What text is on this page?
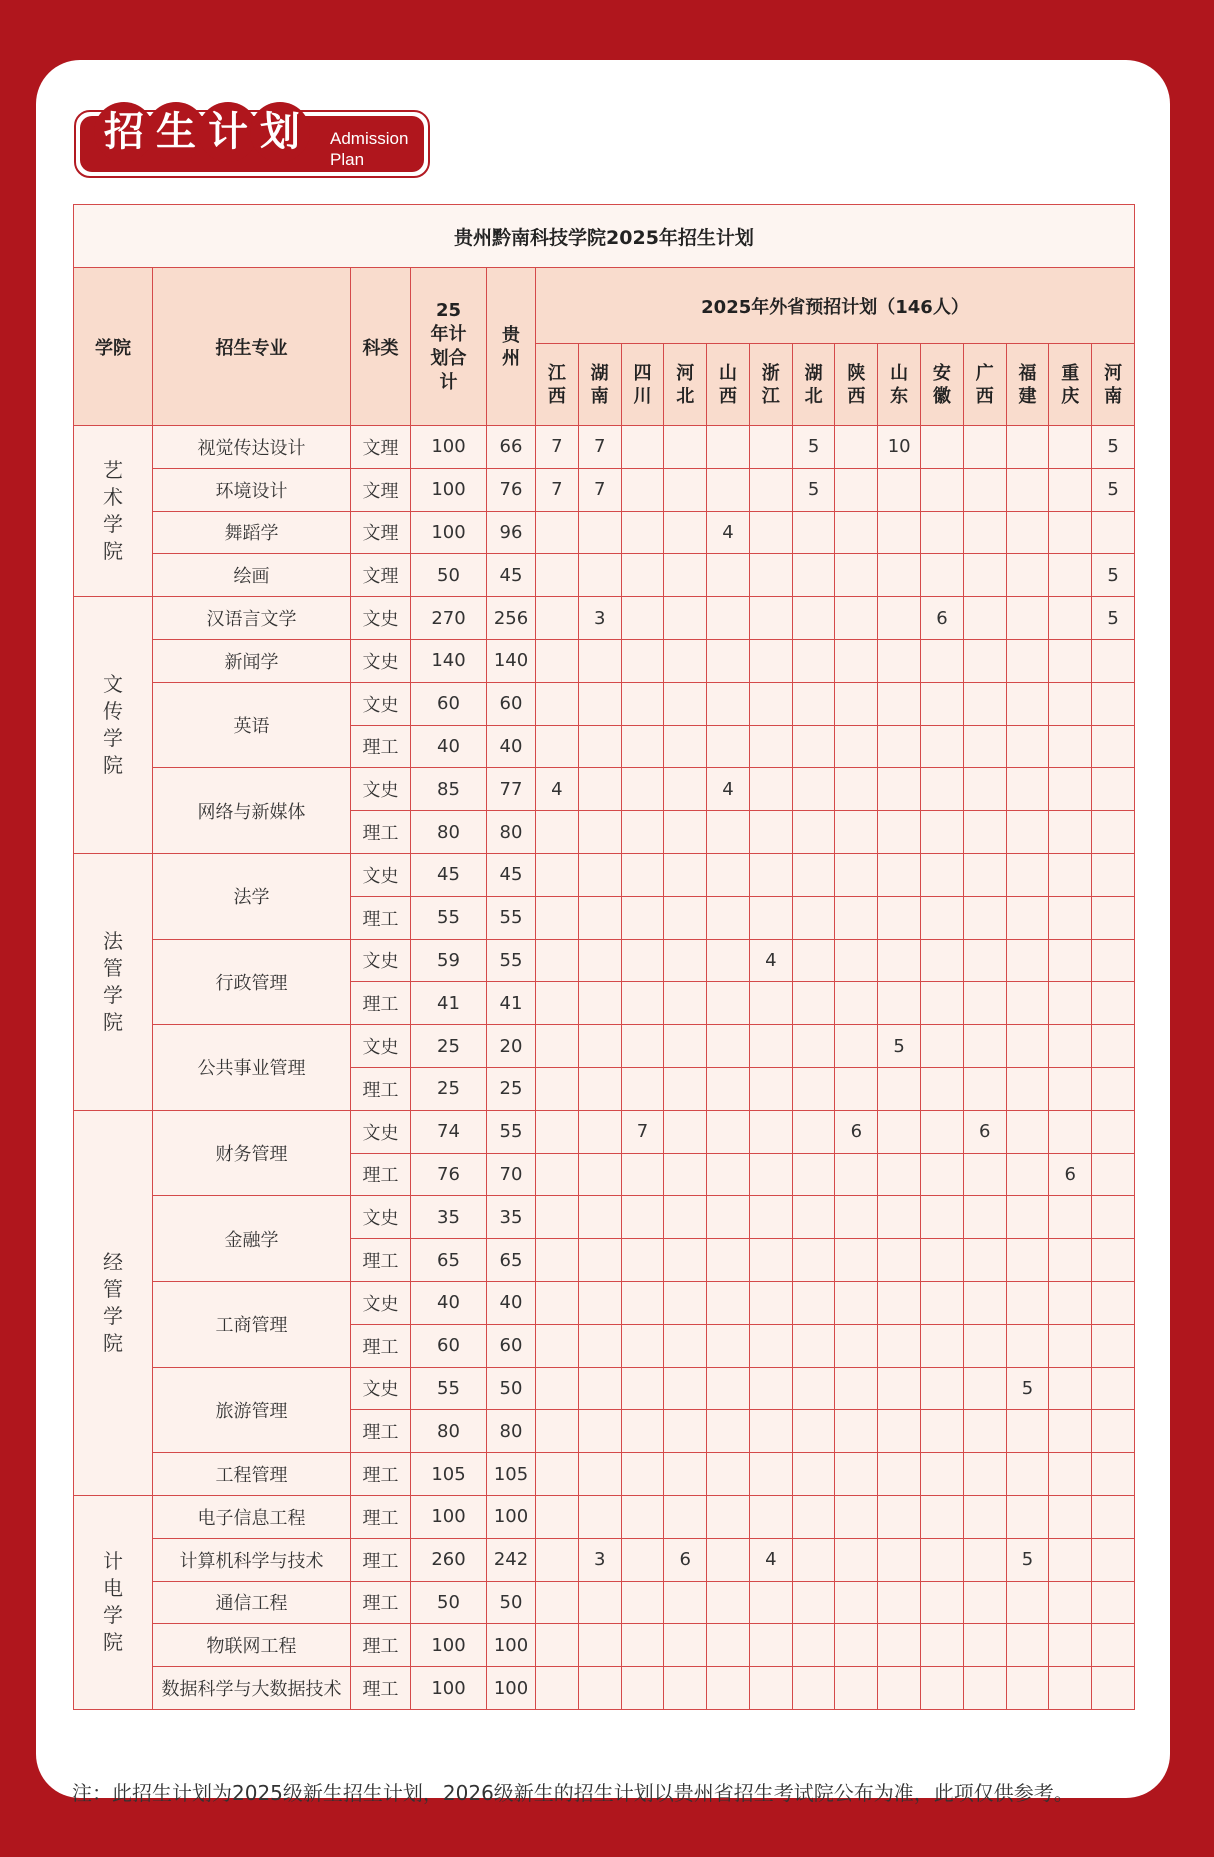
招 生 计 划	Admission
Plan
贵州黔南科技学院2025年招生计划																		
学院	招生专业	科类	25年计划合计	贵州	2025年外省预招计划（146人）													
					江西	湖南	四川	河北	山西	浙江	湖北	陕西	山东	安徽	广西	福建	重庆	河南
艺术学院	视觉传达设计	文理	100	66	7	7					5		10					5
	环境设计	文理	100	76	7	7					5							5
	舞蹈学	文理	100	96					4									
	绘画	文理	50	45														5
文传学院	汉语言文学	文史	270	256		3								6				5
	新闻学	文史	140	140														
	英语	文史	60	60														
		理工	40	40														
	网络与新媒体	文史	85	77	4				4									
		理工	80	80														
法管学院	法学	文史	45	45														
		理工	55	55														
	行政管理	文史	59	55						4								
		理工	41	41														
	公共事业管理	文史	25	20									5					
		理工	25	25														
经管学院	财务管理	文史	74	55			7					6			6			
		理工	76	70													6	
	金融学	文史	35	35														
		理工	65	65														
	工商管理	文史	40	40														
		理工	60	60														
	旅游管理	文史	55	50												5		
		理工	80	80														
	工程管理	理工	105	105														
计电学院	电子信息工程	理工	100	100														
	计算机科学与技术	理工	260	242		3		6		4						5		
	通信工程	理工	50	50														
	物联网工程	理工	100	100														
	数据科学与大数据技术	理工	100	100														
注：此招生计划为2025级新生招生计划，2026级新生的招生计划以贵州省招生考试院公布为准，此项仅供参考。
